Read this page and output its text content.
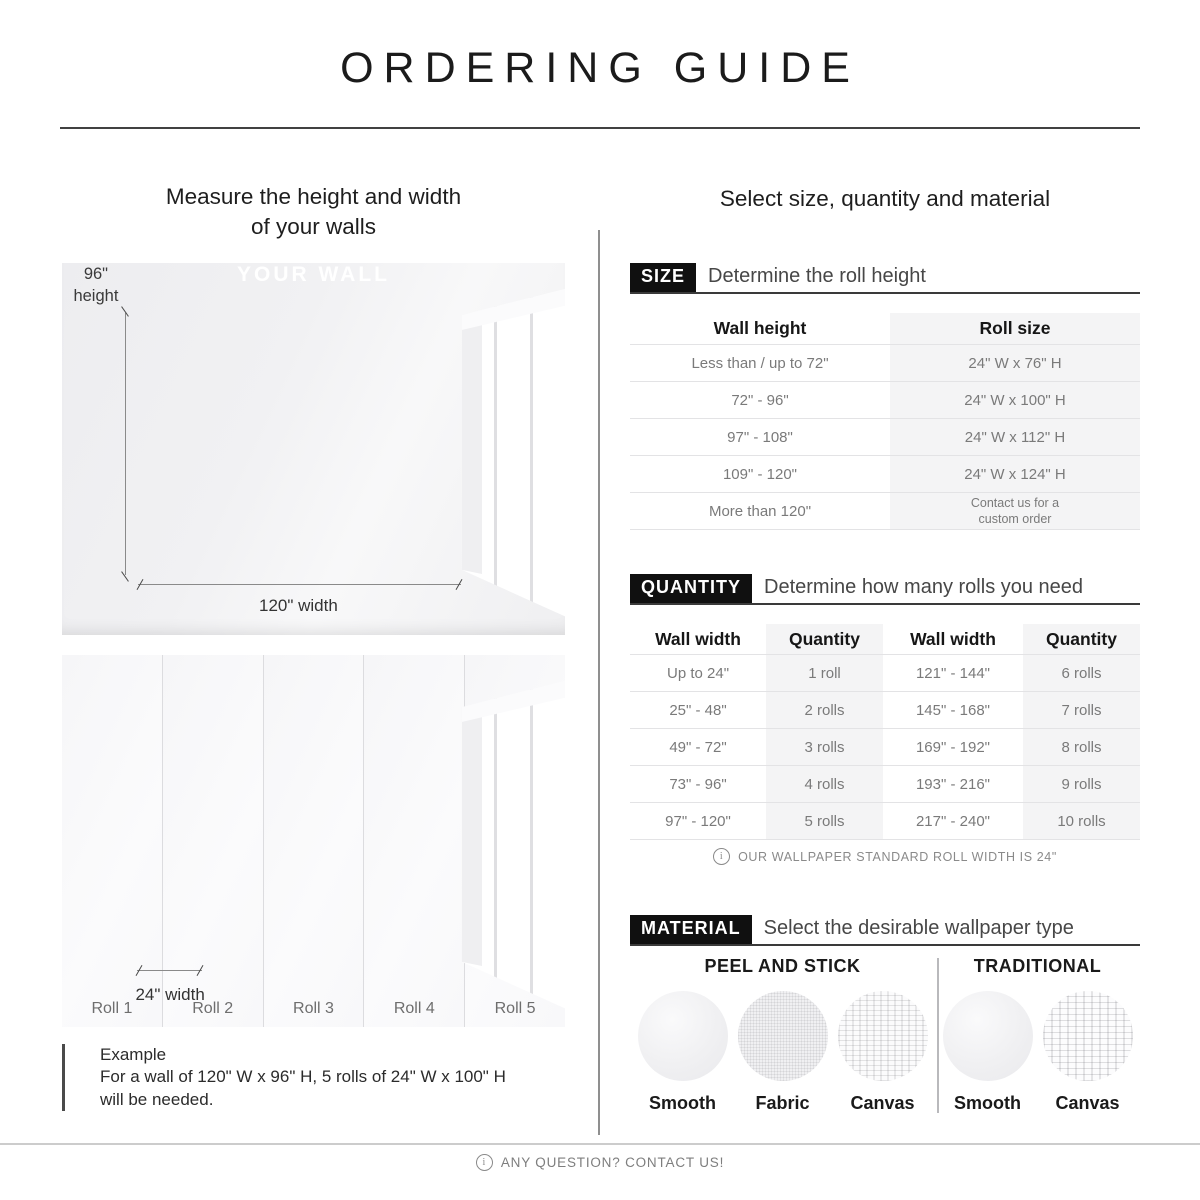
ORDERING GUIDE
Measure the height and width
of your walls
YOUR WALL
96"
height
120" width
Roll 1	Roll 2	Roll 3	Roll 4	Roll 5
24" width
Example
For a wall of 120" W x 96" H, 5 rolls of 24" W x 100" H
will be needed.
Select size, quantity and material
SIZE	Determine the roll height
Wall height	Roll size
Less than / up to 72"	24" W x 76" H
72" - 96"	24" W x 100" H
97" - 108"	24" W x 112" H
109" - 120"	24" W x 124" H
More than 120"	Contact us for a custom order
QUANTITY	Determine how many rolls you need
Wall width	Quantity	Wall width	Quantity
Up to 24"	1 roll	121" - 144"	6 rolls
25" - 48"	2 rolls	145" - 168"	7 rolls
49" - 72"	3 rolls	169" - 192"	8 rolls
73" - 96"	4 rolls	193" - 216"	9 rolls
97" - 120"	5 rolls	217" - 240"	10 rolls
i
OUR WALLPAPER STANDARD ROLL WIDTH IS 24"
MATERIAL	Select the desirable wallpaper type
PEEL AND STICK
Smooth	Fabric	Canvas
TRADITIONAL
Smooth	Canvas
i
ANY QUESTION? CONTACT US!
